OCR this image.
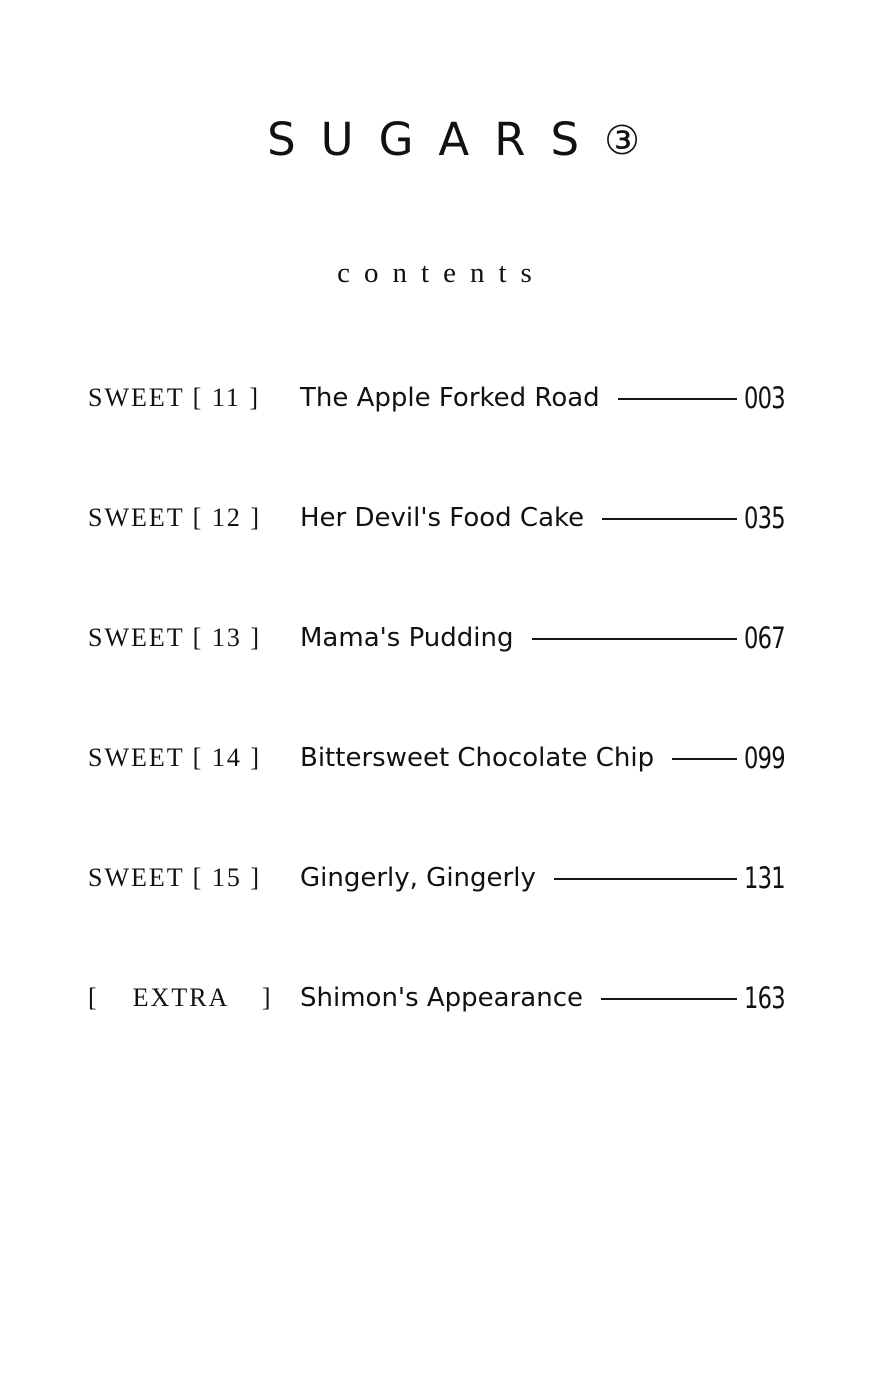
SUGARS③
contents
SWEET [ 11 ]	The Apple Forked Road	003
SWEET [ 12 ]	Her Devil's Food Cake	035
SWEET [ 13 ]	Mama's Pudding	067
SWEET [ 14 ]	Bittersweet Chocolate Chip	099
SWEET [ 15 ]	Gingerly, Gingerly	131
[    EXTRA    ]	Shimon's Appearance	163
